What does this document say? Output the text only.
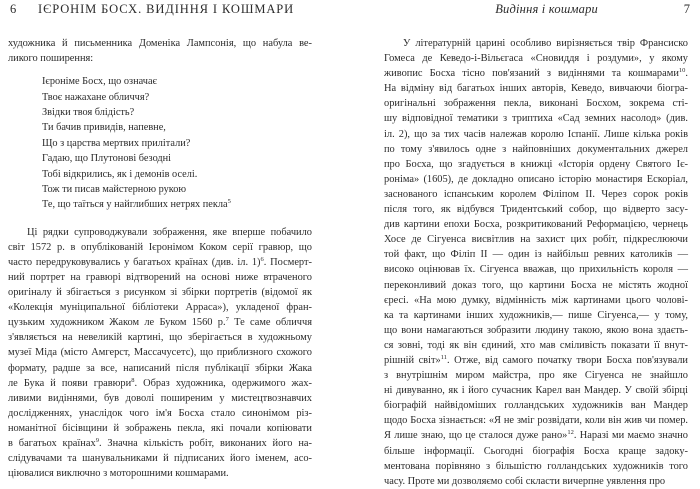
6 ІЄРОНІМ БОСХ. ВИДІННЯ І КОШМАРИ
художника й письменника Доменіка Лампсонія, що набула ве-
ликого поширення:
Ієроніме Босх, що означає
Твоє нажахане обличчя?
Звідки твоя блідість?
Ти бачив привидів, напевне,
Що з царства мертвих прилітали?
Гадаю, що Плутонові безодні
Тобі відкрились, як і демонів оселі.
Тож ти писав майстерною рукою
Те, що таїться у найглибших нетрях пекла$^5$
Ці рядки супроводжували зображення, яке вперше побачило
світ 1572 р. в опублікованій Ієронімом Коком серії гравюр, що
часто передруковувались у багатьох країнах (див. іл. 1)$^6$. Посмерт-
ний портрет на гравюрі відтворений на основі ниже втраченого
оригіналу й збігається з рисунком зі збірки портретів (відомої як
«Колекція муніципальної бібліотеки Арраса»), укладеної фран-
цузьким художником Жаком ле Буком 1560 р.$^7$ Те саме обличчя
з'являється на невеликій картині, що зберігається в художньому
музеї Міда (місто Амгерст, Массачусетс), що приблизного схожого
формату, радше за все, написаний після публікації збірки Жака
ле Бука й появи гравюри$^8$. Образ художника, одержимого жах-
ливими видіннями, був доволі поширеним у мистецтвознавчих
дослідженнях, унаслідок чого ім'я Босха стало синонімом різ-
номанітної бісівщини й зображень пекла, які почали копіювати
в багатьох країнах$^9$. Значна кількість робіт, виконаних його на-
слідувачами та шанувальниками й підписаних його іменем, асо-
ціювалися виключно з моторошними кошмарами.
Видіння і кошмари	7
У літературній царині особливо вирізняється твір Франсиско
Гомеса де Кеведо-і-Вільєгаса «Сновиддя і роздуми», у якому
живопис Босха тісно пов'язаний з видіннями та кошмарами$^{10}$.
На відміну від багатьох інших авторів, Кеведо, вивчаючи біогра-
оригінальні зображення пекла, виконані Босхом, зокрема сті-
шу відповідної тематики з триптиха «Сад земних насолод» (див.
іл. 2), що за тих часів належав королю Іспанії. Лише кілька років
по тому з'явилось одне з найповніших документальних джерел
про Босха, що згадується в книжці «Історія ордену Святого Іє-
роніма» (1605), де докладно описано історію монастиря Ескоріал,
заснованого іспанським королем Філіпом II. Через сорок років
після того, як відбувся Тридентський собор, що відверто засу-
див картини епохи Босха, розкритикований Реформацією, чернець
Хосе де Сігуенса висвітлив на захист цих робіт, підкреслюючи
той факт, що Філіп II — один із найбільш ревних католиків —
високо оцінював їх. Сігуенса вважав, що прихильність короля —
переконливий доказ того, що картини Босха не містять жодної
єресі. «На мою думку, відмінність між картинами цього чолові-
ка та картинами інших художників,— пише Сігуенса,— у тому,
що вони намагаються зобразити людину такою, якою вона здаєть-
ся зовні, тоді як він єдиний, хто мав сміливість показати її внут-
рішній світ»$^{11}$. Отже, від самого початку твори Босха пов'язували
з внутрішнім миром майстра, про яке Сігуенса не знайшло
ні дивуванно, як і його сучасник Карел ван Мандер. У своїй збірці
біографій найвідоміших голландських художників ван Мандер
щодо Босха зізнається: «Я не зміг розвідати, коли він жив чи помер.
Я лише знаю, що це сталося дуже рано»$^{12}$. Наразі ми маємо значно
більше інформації. Сьогодні біографія Босха краще задоку-
ментована порівняно з більшістю голландських художників того
часу. Проте ми дозволяємо собі скласти вичерпне уявлення про
